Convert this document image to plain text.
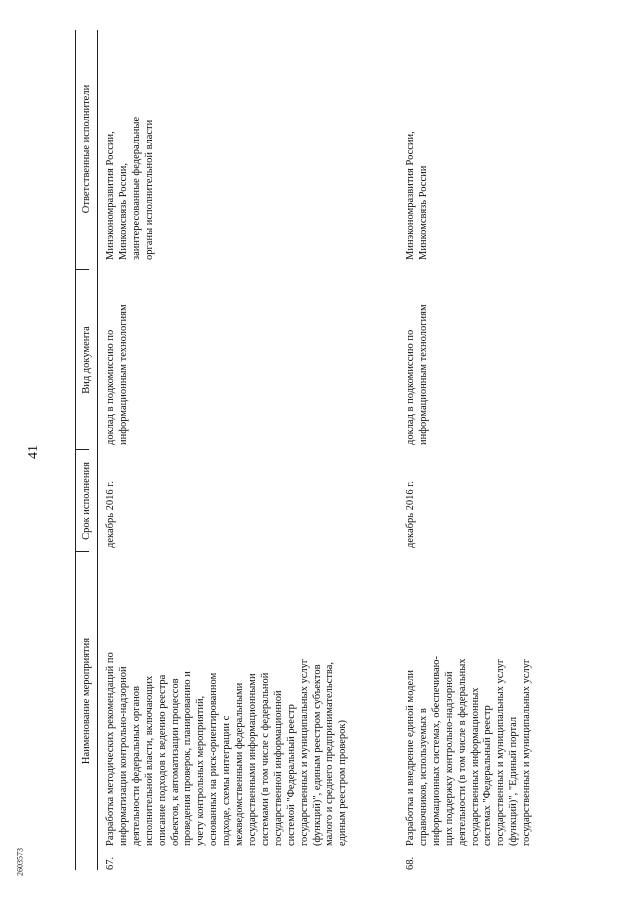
41
Наименование мероприятия
Срок исполнения
Вид документа
Ответственные исполнители
67.
Разработка методических рекомендаций по
информатизации контрольно-надзорной
деятельности федеральных органов
исполнительной власти, включающих
описание подходов к ведению реестра
объектов, к автоматизации процессов
проведения проверок, планированию и
учету контрольных мероприятий,
основанных на риск-ориентированном
подходе, схемы интеграции с
межведомственными федеральными
государственными информационными
системами (в том числе с федеральной
государственной информационной
системой "Федеральный реестр
государственных и муниципальных услуг
(функций)", единым реестром субъектов
малого и среднего предпринимательства,
единым реестром проверок)
декабрь 2016 г.
доклад в подкомиссию по
информационным технологиям
Минэкономразвития России,
Минкомсвязь России,
заинтересованные федеральные
органы исполнительной власти
68.
Разработка и внедрение единой модели
справочников, используемых в
информационных системах, обеспечиваю-
щих поддержку контрольно-надзорной
деятельности (в том числе в федеральных
государственных информационных
системах "Федеральный реестр
государственных и муниципальных услуг
(функций)", "Единый портал
государственных и муниципальных услуг
декабрь 2016 г.
доклад в подкомиссию по
информационным технологиям
Минэкономразвития России,
Минкомсвязь России
2603573
